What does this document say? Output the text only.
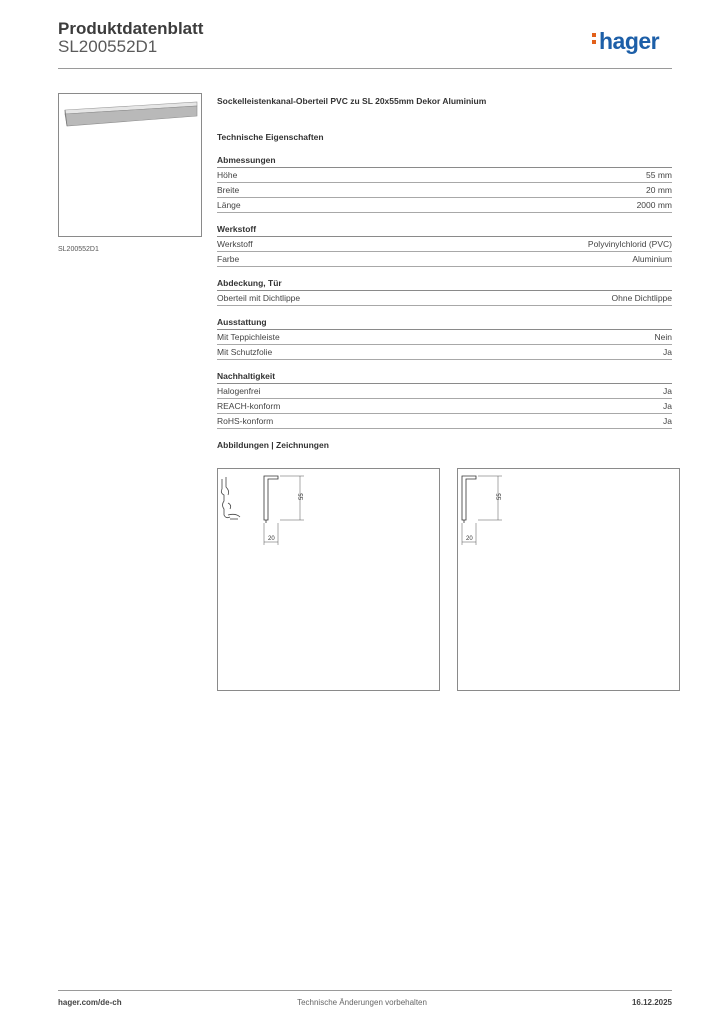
Produktdatenblatt
SL200552D1	hager
SL200552D1
Sockelleistenkanal-Oberteil PVC zu SL 20x55mm Dekor Aluminium
Technische Eigenschaften
Abmessungen
Höhe	55 mm
Breite	20 mm
Länge	2000 mm
Werkstoff
Werkstoff	Polyvinylchlorid (PVC)
Farbe	Aluminium
Abdeckung, Tür
Oberteil mit Dichtlippe	Ohne Dichtlippe
Ausstattung
Mit Teppichleiste	Nein
Mit Schutzfolie	Ja
Nachhaltigkeit
Halogenfrei	Ja
REACH-konform	Ja
RoHS-konform	Ja
Abbildungen | Zeichnungen
55
20
55
20
hager.com/de-ch	Technische Änderungen vorbehalten	16.12.2025
